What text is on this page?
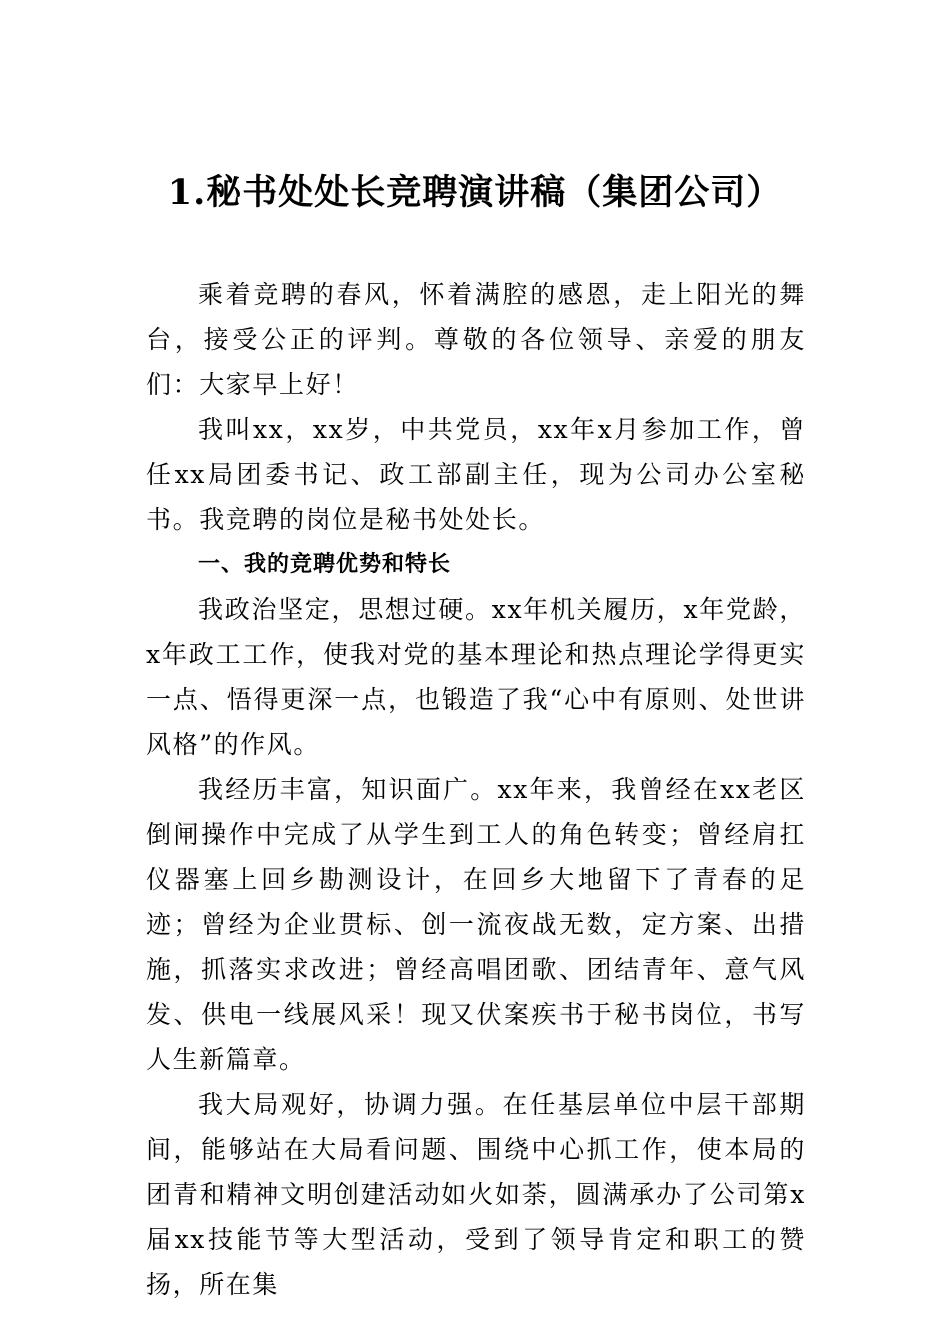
1.秘书处处长竞聘演讲稿（集团公司）

乘着竞聘的春风，怀着满腔的感恩，走上阳光的舞台，接受公正的评判。尊敬的各位领导、亲爱的朋友们：大家早上好！

我叫xx，xx岁，中共党员，xx年x月参加工作，曾任xx局团委书记、政工部副主任，现为公司办公室秘书。我竞聘的岗位是秘书处处长。

一、我的竞聘优势和特长

我政治坚定，思想过硬。xx年机关履历，x年党龄，x年政工工作，使我对党的基本理论和热点理论学得更实一点、悟得更深一点，也锻造了我“心中有原则、处世讲风格”的作风。

我经历丰富，知识面广。xx年来，我曾经在xx老区倒闸操作中完成了从学生到工人的角色转变；曾经肩扛仪器塞上回乡勘测设计，在回乡大地留下了青春的足迹；曾经为企业贯标、创一流夜战无数，定方案、出措施，抓落实求改进；曾经高唱团歌、团结青年、意气风发、供电一线展风采！现又伏案疾书于秘书岗位，书写人生新篇章。

我大局观好，协调力强。在任基层单位中层干部期间，能够站在大局看问题、围绕中心抓工作，使本局的团青和精神文明创建活动如火如荼，圆满承办了公司第x届xx技能节等大型活动，受到了领导肯定和职工的赞扬，所在集
